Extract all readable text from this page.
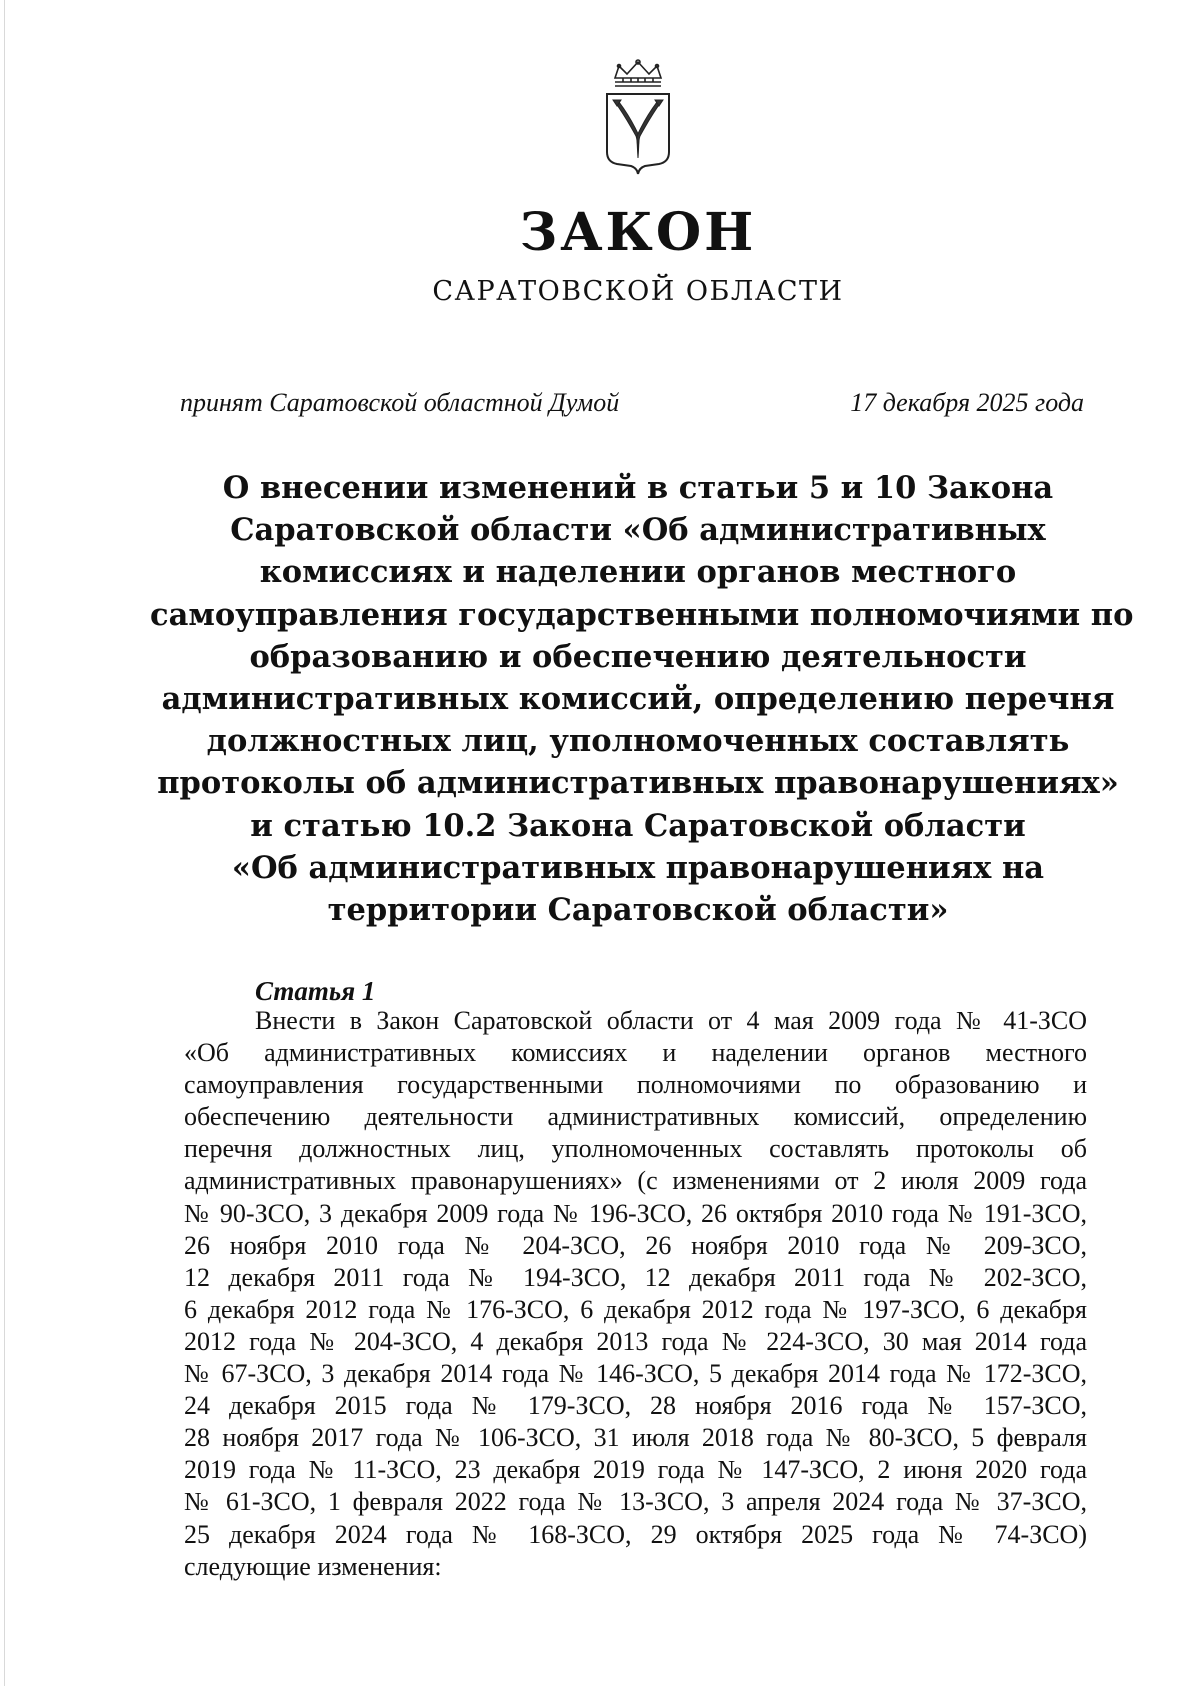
ЗАКОН
САРАТОВСКОЙ ОБЛАСТИ
принят Саратовской областной Думой	17 декабря 2025 года
О внесении изменений в статьи 5 и 10 Закона
Саратовской области «Об административных
комиссиях и наделении органов местного
самоуправления государственными полномочиями по
образованию и обеспечению деятельности
административных комиссий, определению перечня
должностных лиц, уполномоченных составлять
протоколы об административных правонарушениях»
и статью 10.2 Закона Саратовской области
«Об административных правонарушениях на
территории Саратовской области»
Статья 1
Внести в Закон Саратовской области от 4 мая 2009 года № 41-ЗСО
«Об административных комиссиях и наделении органов местного
самоуправления государственными полномочиями по образованию и
обеспечению деятельности административных комиссий, определению
перечня должностных лиц, уполномоченных составлять протоколы об
административных правонарушениях» (с изменениями от 2 июля 2009 года
№ 90-ЗСО, 3 декабря 2009 года № 196-ЗСО, 26 октября 2010 года № 191-ЗСО,
26 ноября 2010 года № 204-ЗСО, 26 ноября 2010 года № 209-ЗСО,
12 декабря 2011 года № 194-ЗСО, 12 декабря 2011 года № 202-ЗСО,
6 декабря 2012 года № 176-ЗСО, 6 декабря 2012 года № 197-ЗСО, 6 декабря
2012 года № 204-ЗСО, 4 декабря 2013 года № 224-ЗСО, 30 мая 2014 года
№ 67-ЗСО, 3 декабря 2014 года № 146-ЗСО, 5 декабря 2014 года № 172-ЗСО,
24 декабря 2015 года № 179-ЗСО, 28 ноября 2016 года № 157-ЗСО,
28 ноября 2017 года № 106-ЗСО, 31 июля 2018 года № 80-ЗСО, 5 февраля
2019 года № 11-ЗСО, 23 декабря 2019 года № 147-ЗСО, 2 июня 2020 года
№ 61-ЗСО, 1 февраля 2022 года № 13-ЗСО, 3 апреля 2024 года № 37-ЗСО,
25 декабря 2024 года № 168-ЗСО, 29 октября 2025 года № 74-ЗСО)
следующие изменения:
